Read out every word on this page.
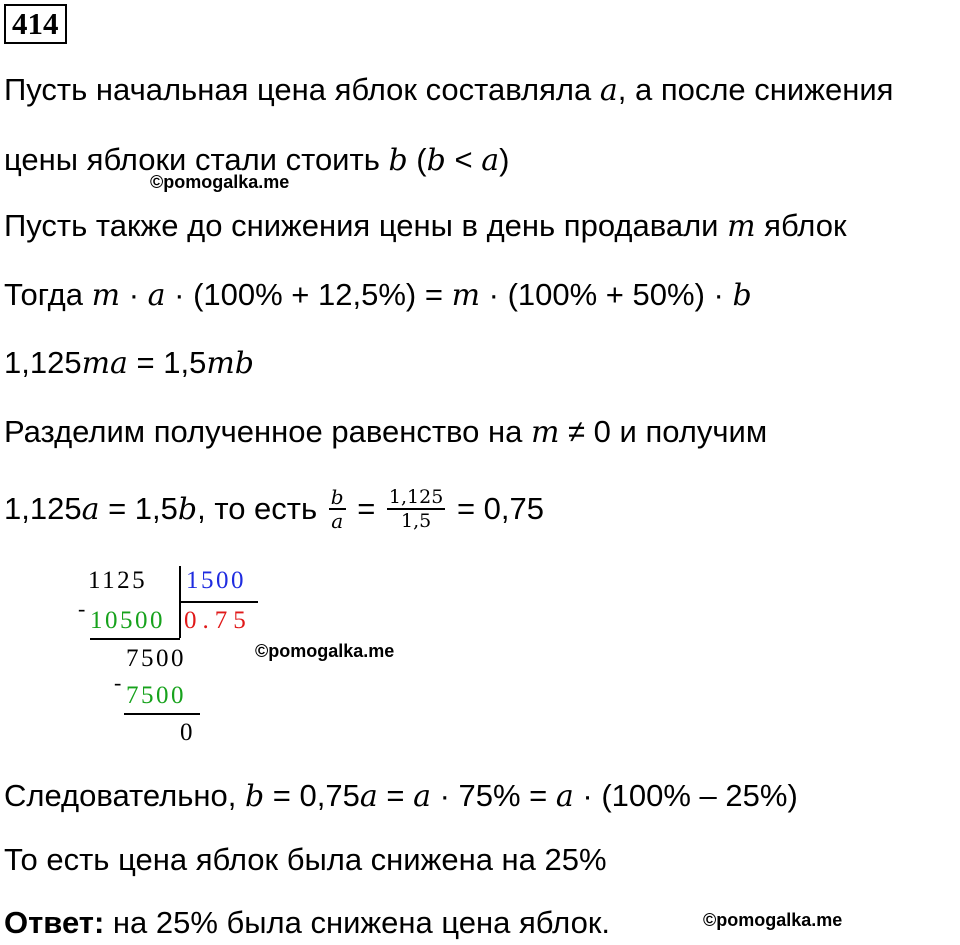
414
Пусть начальная цена яблок составляла a, а после снижения
цены яблоки стали стоить b (b < a)
©pomogalka.me
Пусть также до снижения цены в день продавали m яблок
Тогда m · a · (100% + 12,5%) = m · (100% + 50%) · b
1,125ma = 1,5mb
Разделим полученное равенство на m ≠ 0 и получим
1,125a = 1,5b, то есть $\frac{b}{a} = \frac{1,125}{1,5} = 0,75$
1125 1500
- 10500 0.75
7500
- 7500
0
©pomogalka.me
Следовательно, b = 0,75a = a · 75% = a · (100% – 25%)
То есть цена яблок была снижена на 25%
Ответ: на 25% была снижена цена яблок.	©pomogalka.me
